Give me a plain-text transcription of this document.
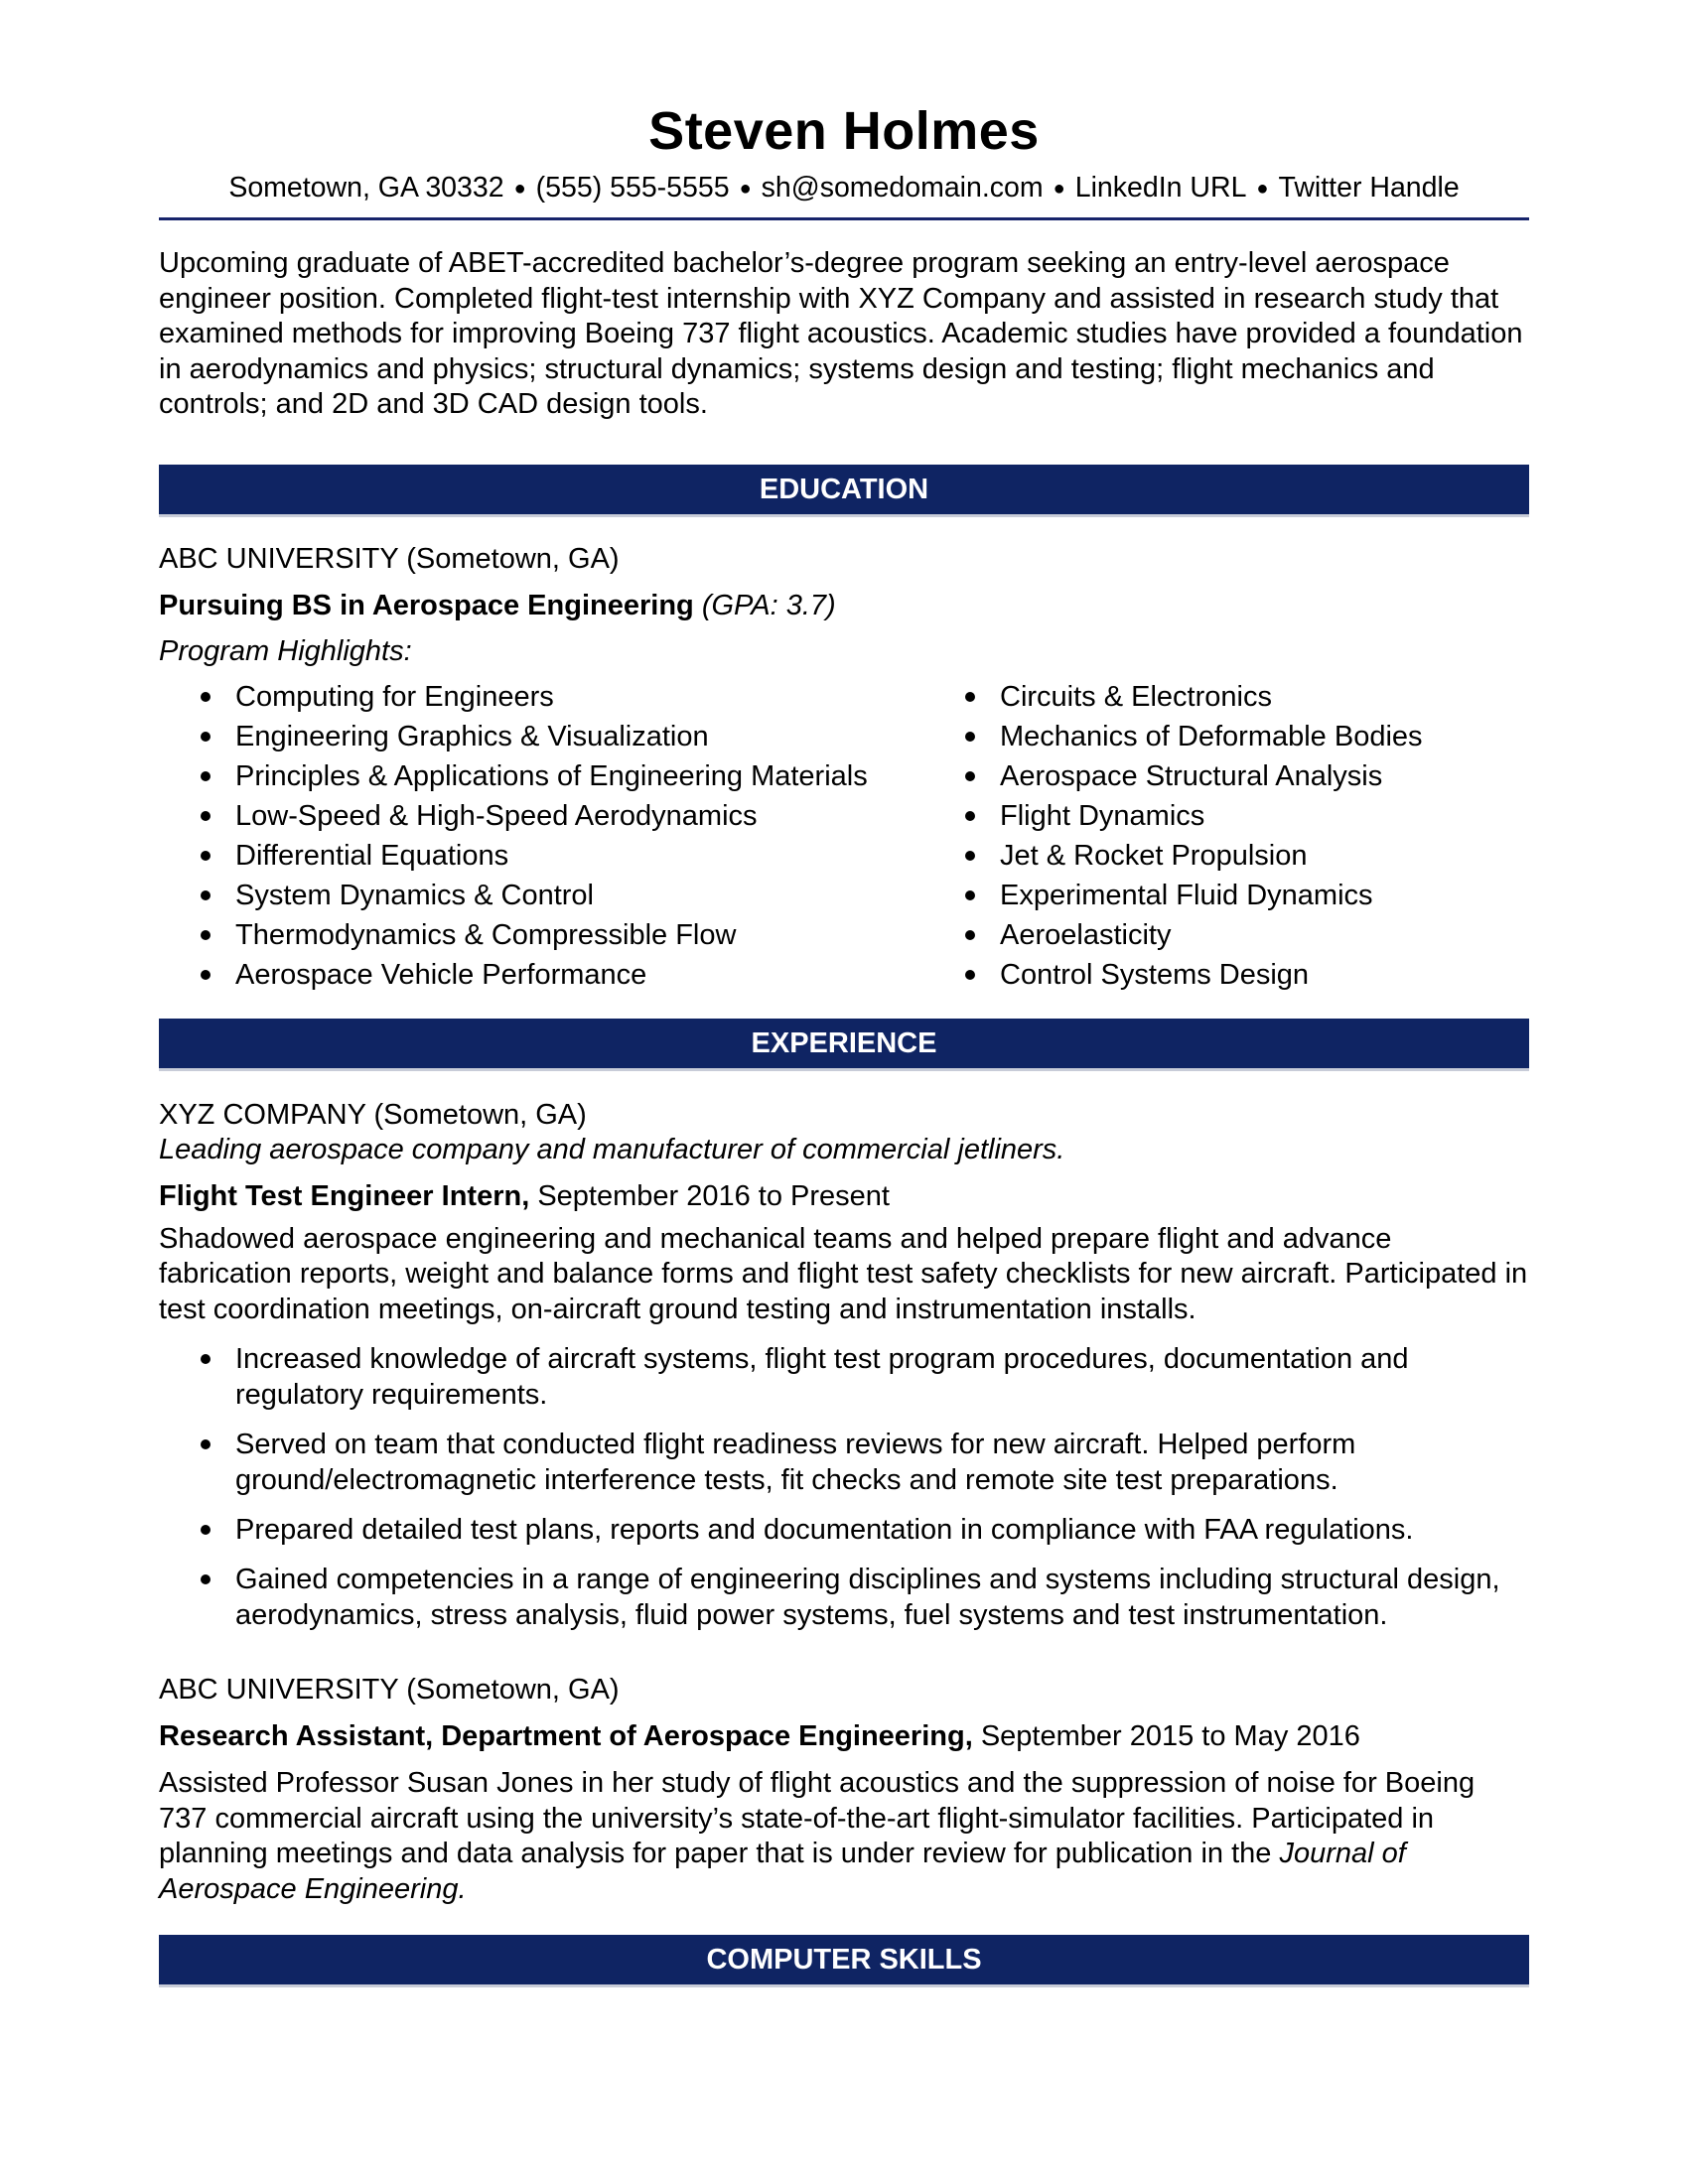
Steven Holmes
Sometown, GA 30332 ● (555) 555-5555 ● sh@somedomain.com ● LinkedIn URL ● Twitter Handle
Upcoming graduate of ABET-accredited bachelor’s-degree program seeking an entry-level aerospace engineer position. Completed flight-test internship with XYZ Company and assisted in research study that examined methods for improving Boeing 737 flight acoustics. Academic studies have provided a foundation in aerodynamics and physics; structural dynamics; systems design and testing; flight mechanics and controls; and 2D and 3D CAD design tools.
EDUCATION
ABC UNIVERSITY (Sometown, GA)
Pursuing BS in Aerospace Engineering (GPA: 3.7)
Program Highlights:
Computing for Engineers
Engineering Graphics & Visualization
Principles & Applications of Engineering Materials
Low-Speed & High-Speed Aerodynamics
Differential Equations
System Dynamics & Control
Thermodynamics & Compressible Flow
Aerospace Vehicle Performance
Circuits & Electronics
Mechanics of Deformable Bodies
Aerospace Structural Analysis
Flight Dynamics
Jet & Rocket Propulsion
Experimental Fluid Dynamics
Aeroelasticity
Control Systems Design
EXPERIENCE
XYZ COMPANY (Sometown, GA)
Leading aerospace company and manufacturer of commercial jetliners.
Flight Test Engineer Intern, September 2016 to Present
Shadowed aerospace engineering and mechanical teams and helped prepare flight and advance fabrication reports, weight and balance forms and flight test safety checklists for new aircraft. Participated in test coordination meetings, on-aircraft ground testing and instrumentation installs.
Increased knowledge of aircraft systems, flight test program procedures, documentation and regulatory requirements.
Served on team that conducted flight readiness reviews for new aircraft. Helped perform ground/electromagnetic interference tests, fit checks and remote site test preparations.
Prepared detailed test plans, reports and documentation in compliance with FAA regulations.
Gained competencies in a range of engineering disciplines and systems including structural design, aerodynamics, stress analysis, fluid power systems, fuel systems and test instrumentation.
ABC UNIVERSITY (Sometown, GA)
Research Assistant, Department of Aerospace Engineering, September 2015 to May 2016
Assisted Professor Susan Jones in her study of flight acoustics and the suppression of noise for Boeing 737 commercial aircraft using the university’s state-of-the-art flight-simulator facilities. Participated in planning meetings and data analysis for paper that is under review for publication in the Journal of Aerospace Engineering.
COMPUTER SKILLS
